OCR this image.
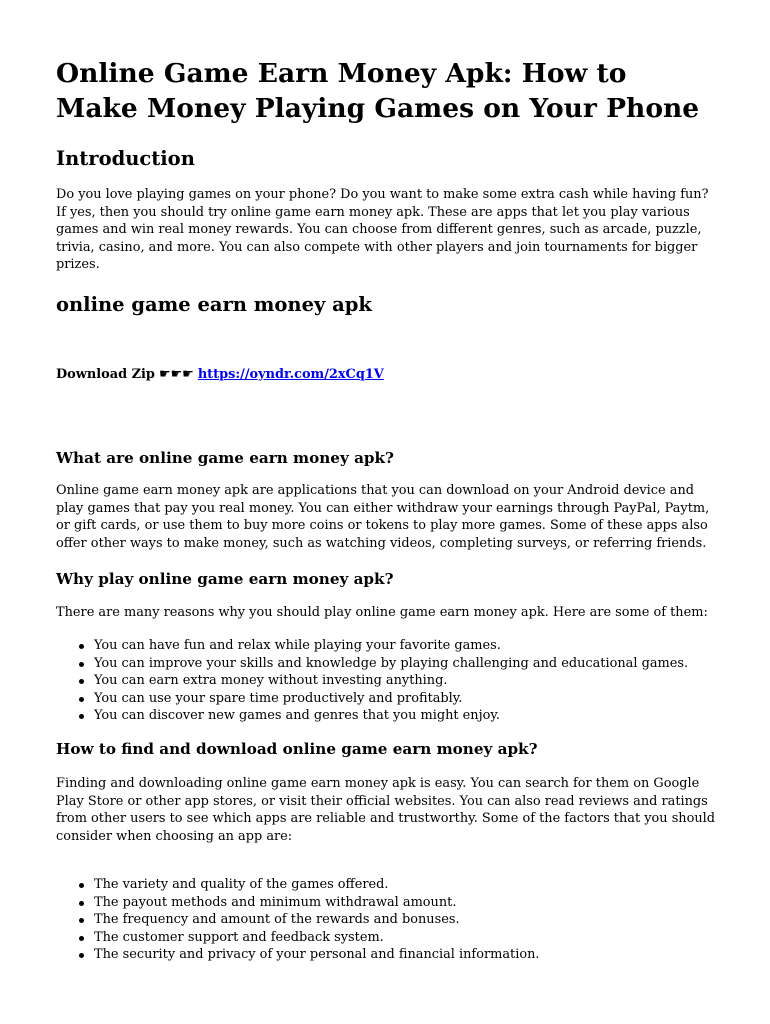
Online Game Earn Money Apk: How to Make Money Playing Games on Your Phone
Introduction

Do you love playing games on your phone? Do you want to make some extra cash while having fun? If yes, then you should try online game earn money apk. These are apps that let you play various games and win real money rewards. You can choose from different genres, such as arcade, puzzle, trivia, casino, and more. You can also compete with other players and join tournaments for bigger prizes.

online game earn money apk
Download Zip ☛☛☛ https://oyndr.com/2xCq1V
What are online game earn money apk?

Online game earn money apk are applications that you can download on your Android device and play games that pay you real money. You can either withdraw your earnings through PayPal, Paytm, or gift cards, or use them to buy more coins or tokens to play more games. Some of these apps also offer other ways to make money, such as watching videos, completing surveys, or referring friends.

Why play online game earn money apk?

There are many reasons why you should play online game earn money apk. Here are some of them:

You can have fun and relax while playing your favorite games.
You can improve your skills and knowledge by playing challenging and educational games.
You can earn extra money without investing anything.
You can use your spare time productively and profitably.
You can discover new games and genres that you might enjoy.
How to find and download online game earn money apk?

Finding and downloading online game earn money apk is easy. You can search for them on Google Play Store or other app stores, or visit their official websites. You can also read reviews and ratings from other users to see which apps are reliable and trustworthy. Some of the factors that you should consider when choosing an app are:

The variety and quality of the games offered.
The payout methods and minimum withdrawal amount.
The frequency and amount of the rewards and bonuses.
The customer support and feedback system.
The security and privacy of your personal and financial information.
